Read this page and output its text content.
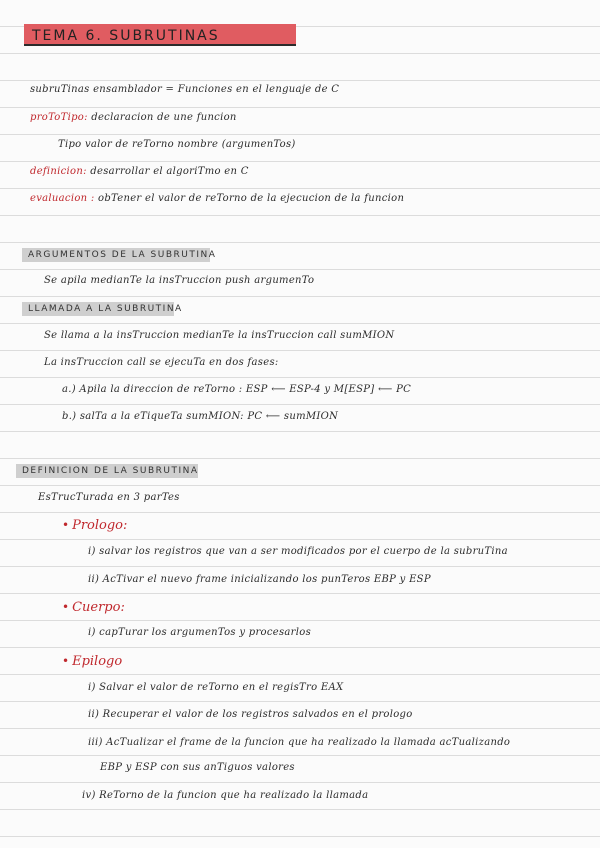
TEMA 6. SUBRUTINAS
subruTinas ensamblador = Funciones en el lenguaje de C
proToTipo: declaracion de une funcion
Tipo valor de reTorno nombre (argumenTos)
definicion: desarrollar el algoriTmo en C
evaluacion : obTener el valor de reTorno de la ejecucion de la funcion
ARGUMENTOS DE LA SUBRUTINA
Se apila medianTe la insTruccion push argumenTo
LLAMADA A LA SUBRUTINA
Se llama a la insTruccion medianTe la insTruccion call sumMION
La insTruccion call se ejecuTa en dos fases:
a.) Apila la direccion de reTorno : ESP ⟵ ESP-4 y M[ESP] ⟵ PC
b.) salTa a la eTiqueTa sumMION: PC ⟵ sumMION
DEFINICION DE LA SUBRUTINA
EsTrucTurada en 3 parTes
• Prologo:
i) salvar los registros que van a ser modificados por el cuerpo de la subruTina
ii) AcTivar el nuevo frame inicializando los punTeros EBP y ESP
• Cuerpo:
i) capTurar los argumenTos y procesarlos
• Epilogo
i) Salvar el valor de reTorno en el regisTro EAX
ii) Recuperar el valor de los registros salvados en el prologo
iii) AcTualizar el frame de la funcion que ha realizado la llamada acTualizando
EBP y ESP con sus anTiguos valores
iv) ReTorno de la funcion que ha realizado la llamada
